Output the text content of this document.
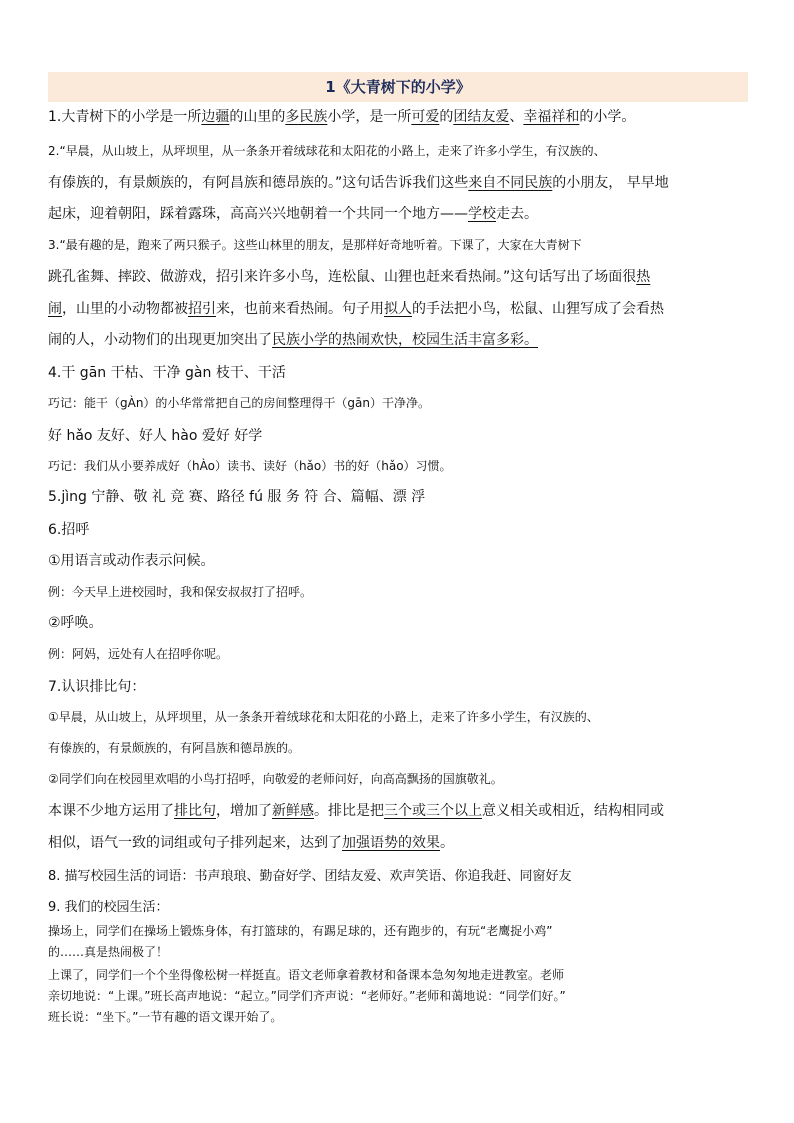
1《大青树下的小学》
1.大青树下的小学是一所边疆的山里的多民族小学，是一所可爱的团结友爱、幸福祥和的小学。
2.“早晨，从山坡上，从坪坝里，从一条条开着绒球花和太阳花的小路上，走来了许多小学生，有汉族的、
有傣族的，有景颇族的，有阿昌族和德昂族的。”这句话告诉我们这些来自不同民族的小朋友， 早早地
起床，迎着朝阳，踩着露珠，高高兴兴地朝着一个共同一个地方——学校走去。
3.“最有趣的是，跑来了两只猴子。这些山林里的朋友，是那样好奇地听着。下课了，大家在大青树下
跳孔雀舞、摔跤、做游戏，招引来许多小鸟，连松鼠、山狸也赶来看热闹。”这句话写出了场面很热
闹，山里的小动物都被招引来，也前来看热闹。句子用拟人的手法把小鸟，松鼠、山狸写成了会看热
闹的人，小动物们的出现更加突出了民族小学的热闹欢快，校园生活丰富多彩。
4.干 gān 干枯、干净 gàn 枝干、干活
巧记：能干（gÀn）的小华常常把自己的房间整理得干（gān）干净净。
好 hǎo 友好、好人 hào 爱好 好学
巧记：我们从小要养成好（hÀo）读书、读好（hǎo）书的好（hǎo）习惯。
5.jìng 宁静、敬 礼 竞 赛、路径 fú 服 务 符 合、篇幅、漂 浮
6.招呼
①用语言或动作表示问候。
例：今天早上进校园时，我和保安叔叔打了招呼。
②呼唤。
例：阿妈，远处有人在招呼你呢。
7.认识排比句：
①早晨，从山坡上，从坪坝里，从一条条开着绒球花和太阳花的小路上，走来了许多小学生，有汉族的、
有傣族的，有景颇族的，有阿昌族和德昂族的。
②同学们向在校园里欢唱的小鸟打招呼，向敬爱的老师问好，向高高飘扬的国旗敬礼。
本课不少地方运用了排比句，增加了新鲜感。排比是把三个或三个以上意义相关或相近，结构相同或
相似，语气一致的词组或句子排列起来，达到了加强语势的效果。
8. 描写校园生活的词语：书声琅琅、勤奋好学、团结友爱、欢声笑语、你追我赶、同窗好友
9. 我们的校园生活：
操场上，同学们在操场上锻炼身体，有打篮球的，有踢足球的，还有跑步的，有玩“老鹰捉小鸡”
的……真是热闹极了！
上课了，同学们一个个坐得像松树一样挺直。语文老师拿着教材和备课本急匆匆地走进教室。老师
亲切地说：“上课。”班长高声地说：“起立。”同学们齐声说：“老师好。”老师和蔼地说：“同学们好。”
班长说：“坐下。”一节有趣的语文课开始了。
